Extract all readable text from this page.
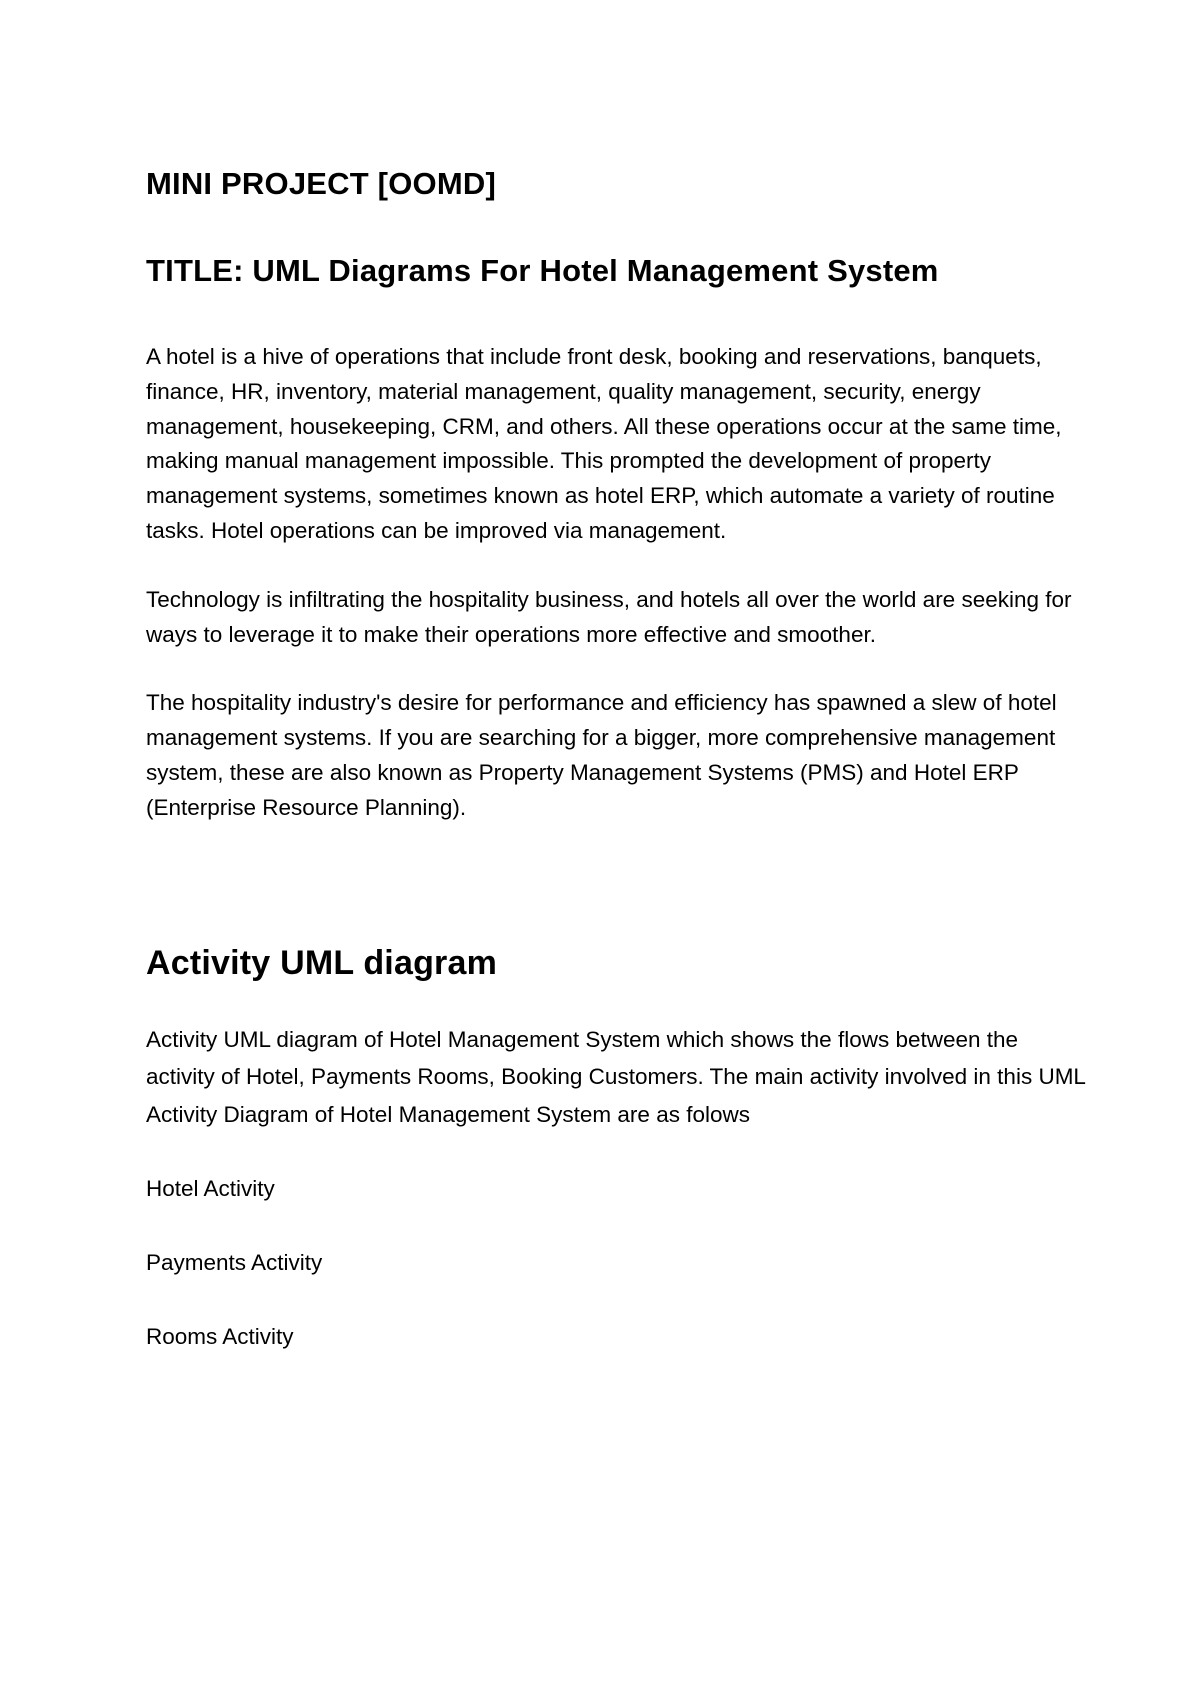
MINI PROJECT [OOMD]
TITLE: UML Diagrams For Hotel Management System

A hotel is a hive of operations that include front desk, booking and reservations, banquets, finance, HR, inventory, material management, quality management, security, energy management, housekeeping, CRM, and others. All these operations occur at the same time, making manual management impossible. This prompted the development of property management systems, sometimes known as hotel ERP, which automate a variety of routine tasks. Hotel operations can be improved via management.

Technology is infiltrating the hospitality business, and hotels all over the world are seeking for ways to leverage it to make their operations more effective and smoother.

The hospitality industry's desire for performance and efficiency has spawned a slew of hotel management systems. If you are searching for a bigger, more comprehensive management system, these are also known as Property Management Systems (PMS) and Hotel ERP (Enterprise Resource Planning).

Activity UML diagram

Activity UML diagram of Hotel Management System which shows the flows between the activity of Hotel, Payments Rooms, Booking Customers. The main activity involved in this UML Activity Diagram of Hotel Management System are as folows

Hotel Activity
Payments Activity
Rooms Activity
